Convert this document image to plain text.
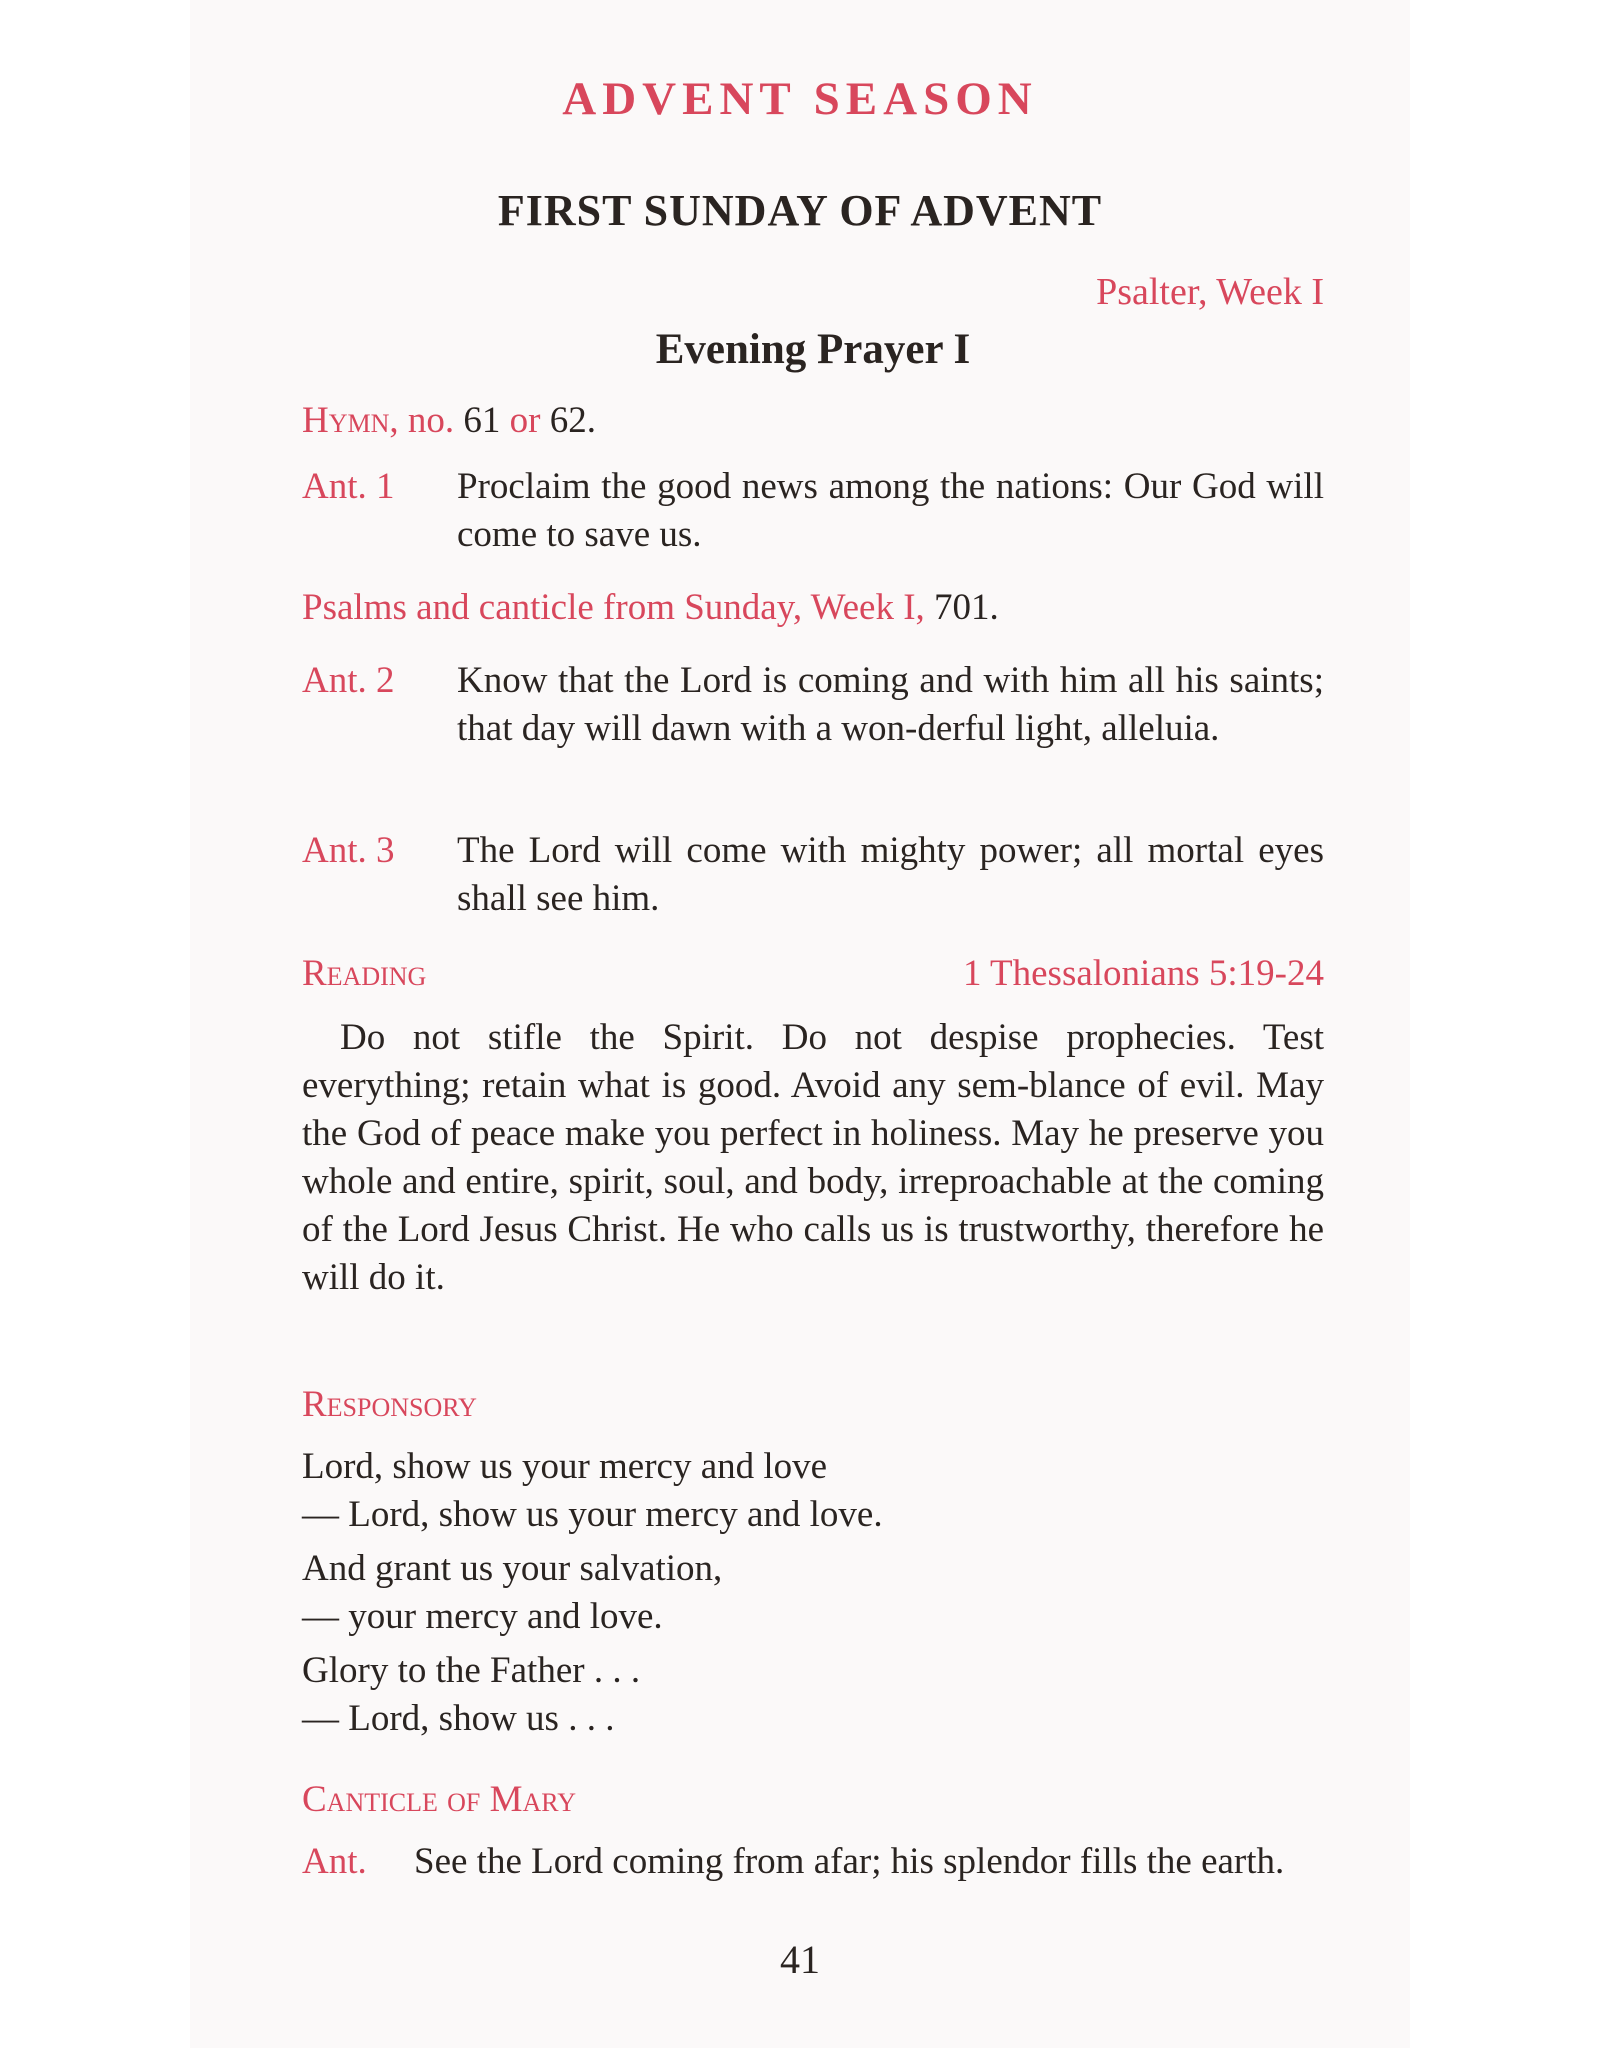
ADVENT SEASON
FIRST SUNDAY OF ADVENT
Psalter, Week I
Evening Prayer I
Hymn, no. 61 or 62.
Ant. 1	Proclaim the good news among the nations: Our God will come to save us.
Psalms and canticle from Sunday, Week I, 701.
Ant. 2	Know that the Lord is coming and with him all his saints; that day will dawn with a won-derful light, alleluia.
Ant. 3	The Lord will come with mighty power; all mortal eyes shall see him.
Reading	1 Thessalonians 5:19-24
Do not stifle the Spirit. Do not despise prophecies. Test everything; retain what is good. Avoid any sem-blance of evil. May the God of peace make you perfect in holiness. May he preserve you whole and entire, spirit, soul, and body, irreproachable at the coming of the Lord Jesus Christ. He who calls us is trustworthy, therefore he will do it.
Responsory
Lord, show us your mercy and love
— Lord, show us your mercy and love.
And grant us your salvation,
— your mercy and love.
Glory to the Father . . .
— Lord, show us . . .
Canticle of Mary
Ant.	See the Lord coming from afar; his splendor fills the earth.
41
